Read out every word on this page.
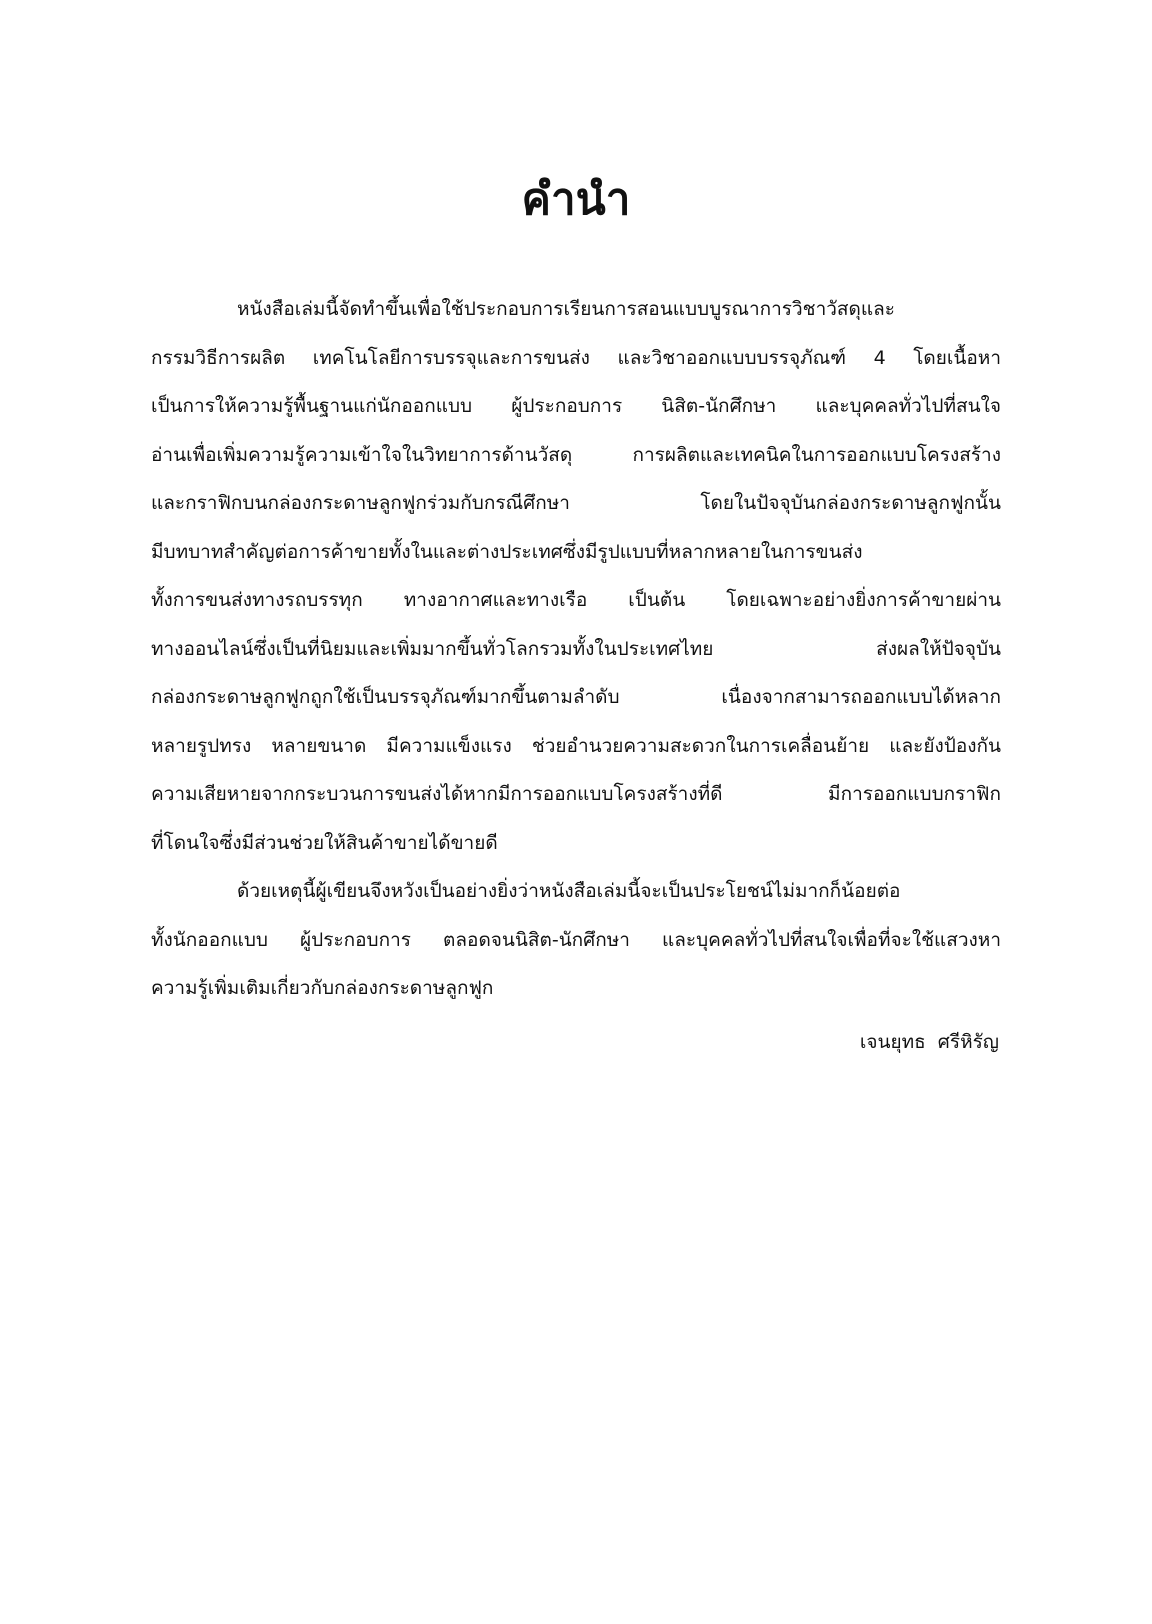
คำนำ
หนังสือเล่มนี้จัดทำขึ้นเพื่อใช้ประกอบการเรียนการสอนแบบบูรณาการวิชาวัสดุและ
กรรมวิธีการผลิต เทคโนโลยีการบรรจุและการขนส่ง และวิชาออกแบบบรรจุภัณฑ์ 4 โดยเนื้อหา
เป็นการให้ความรู้พื้นฐานแก่นักออกแบบ ผู้ประกอบการ นิสิต-นักศึกษา และบุคคลทั่วไปที่สนใจ
อ่านเพื่อเพิ่มความรู้ความเข้าใจในวิทยาการด้านวัสดุ การผลิตและเทคนิคในการออกแบบโครงสร้าง
และกราฟิกบนกล่องกระดาษลูกฟูกร่วมกับกรณีศึกษา โดยในปัจจุบันกล่องกระดาษลูกฟูกนั้น
มีบทบาทสำคัญต่อการค้าขายทั้งในและต่างประเทศซึ่งมีรูปแบบที่หลากหลายในการขนส่ง
ทั้งการขนส่งทางรถบรรทุก ทางอากาศและทางเรือ เป็นต้น โดยเฉพาะอย่างยิ่งการค้าขายผ่าน
ทางออนไลน์ซึ่งเป็นที่นิยมและเพิ่มมากขึ้นทั่วโลกรวมทั้งในประเทศไทย ส่งผลให้ปัจจุบัน
กล่องกระดาษลูกฟูกถูกใช้เป็นบรรจุภัณฑ์มากขึ้นตามลำดับ เนื่องจากสามารถออกแบบได้หลาก
หลายรูปทรง หลายขนาด มีความแข็งแรง ช่วยอำนวยความสะดวกในการเคลื่อนย้าย และยังป้องกัน
ความเสียหายจากกระบวนการขนส่งได้หากมีการออกแบบโครงสร้างที่ดี มีการออกแบบกราฟิก
ที่โดนใจซึ่งมีส่วนช่วยให้สินค้าขายได้ขายดี
ด้วยเหตุนี้ผู้เขียนจึงหวังเป็นอย่างยิ่งว่าหนังสือเล่มนี้จะเป็นประโยชน์ไม่มากก็น้อยต่อ
ทั้งนักออกแบบ ผู้ประกอบการ ตลอดจนนิสิต-นักศึกษา และบุคคลทั่วไปที่สนใจเพื่อที่จะใช้แสวงหา
ความรู้เพิ่มเติมเกี่ยวกับกล่องกระดาษลูกฟูก

เจนยุทธ  ศรีหิรัญ
